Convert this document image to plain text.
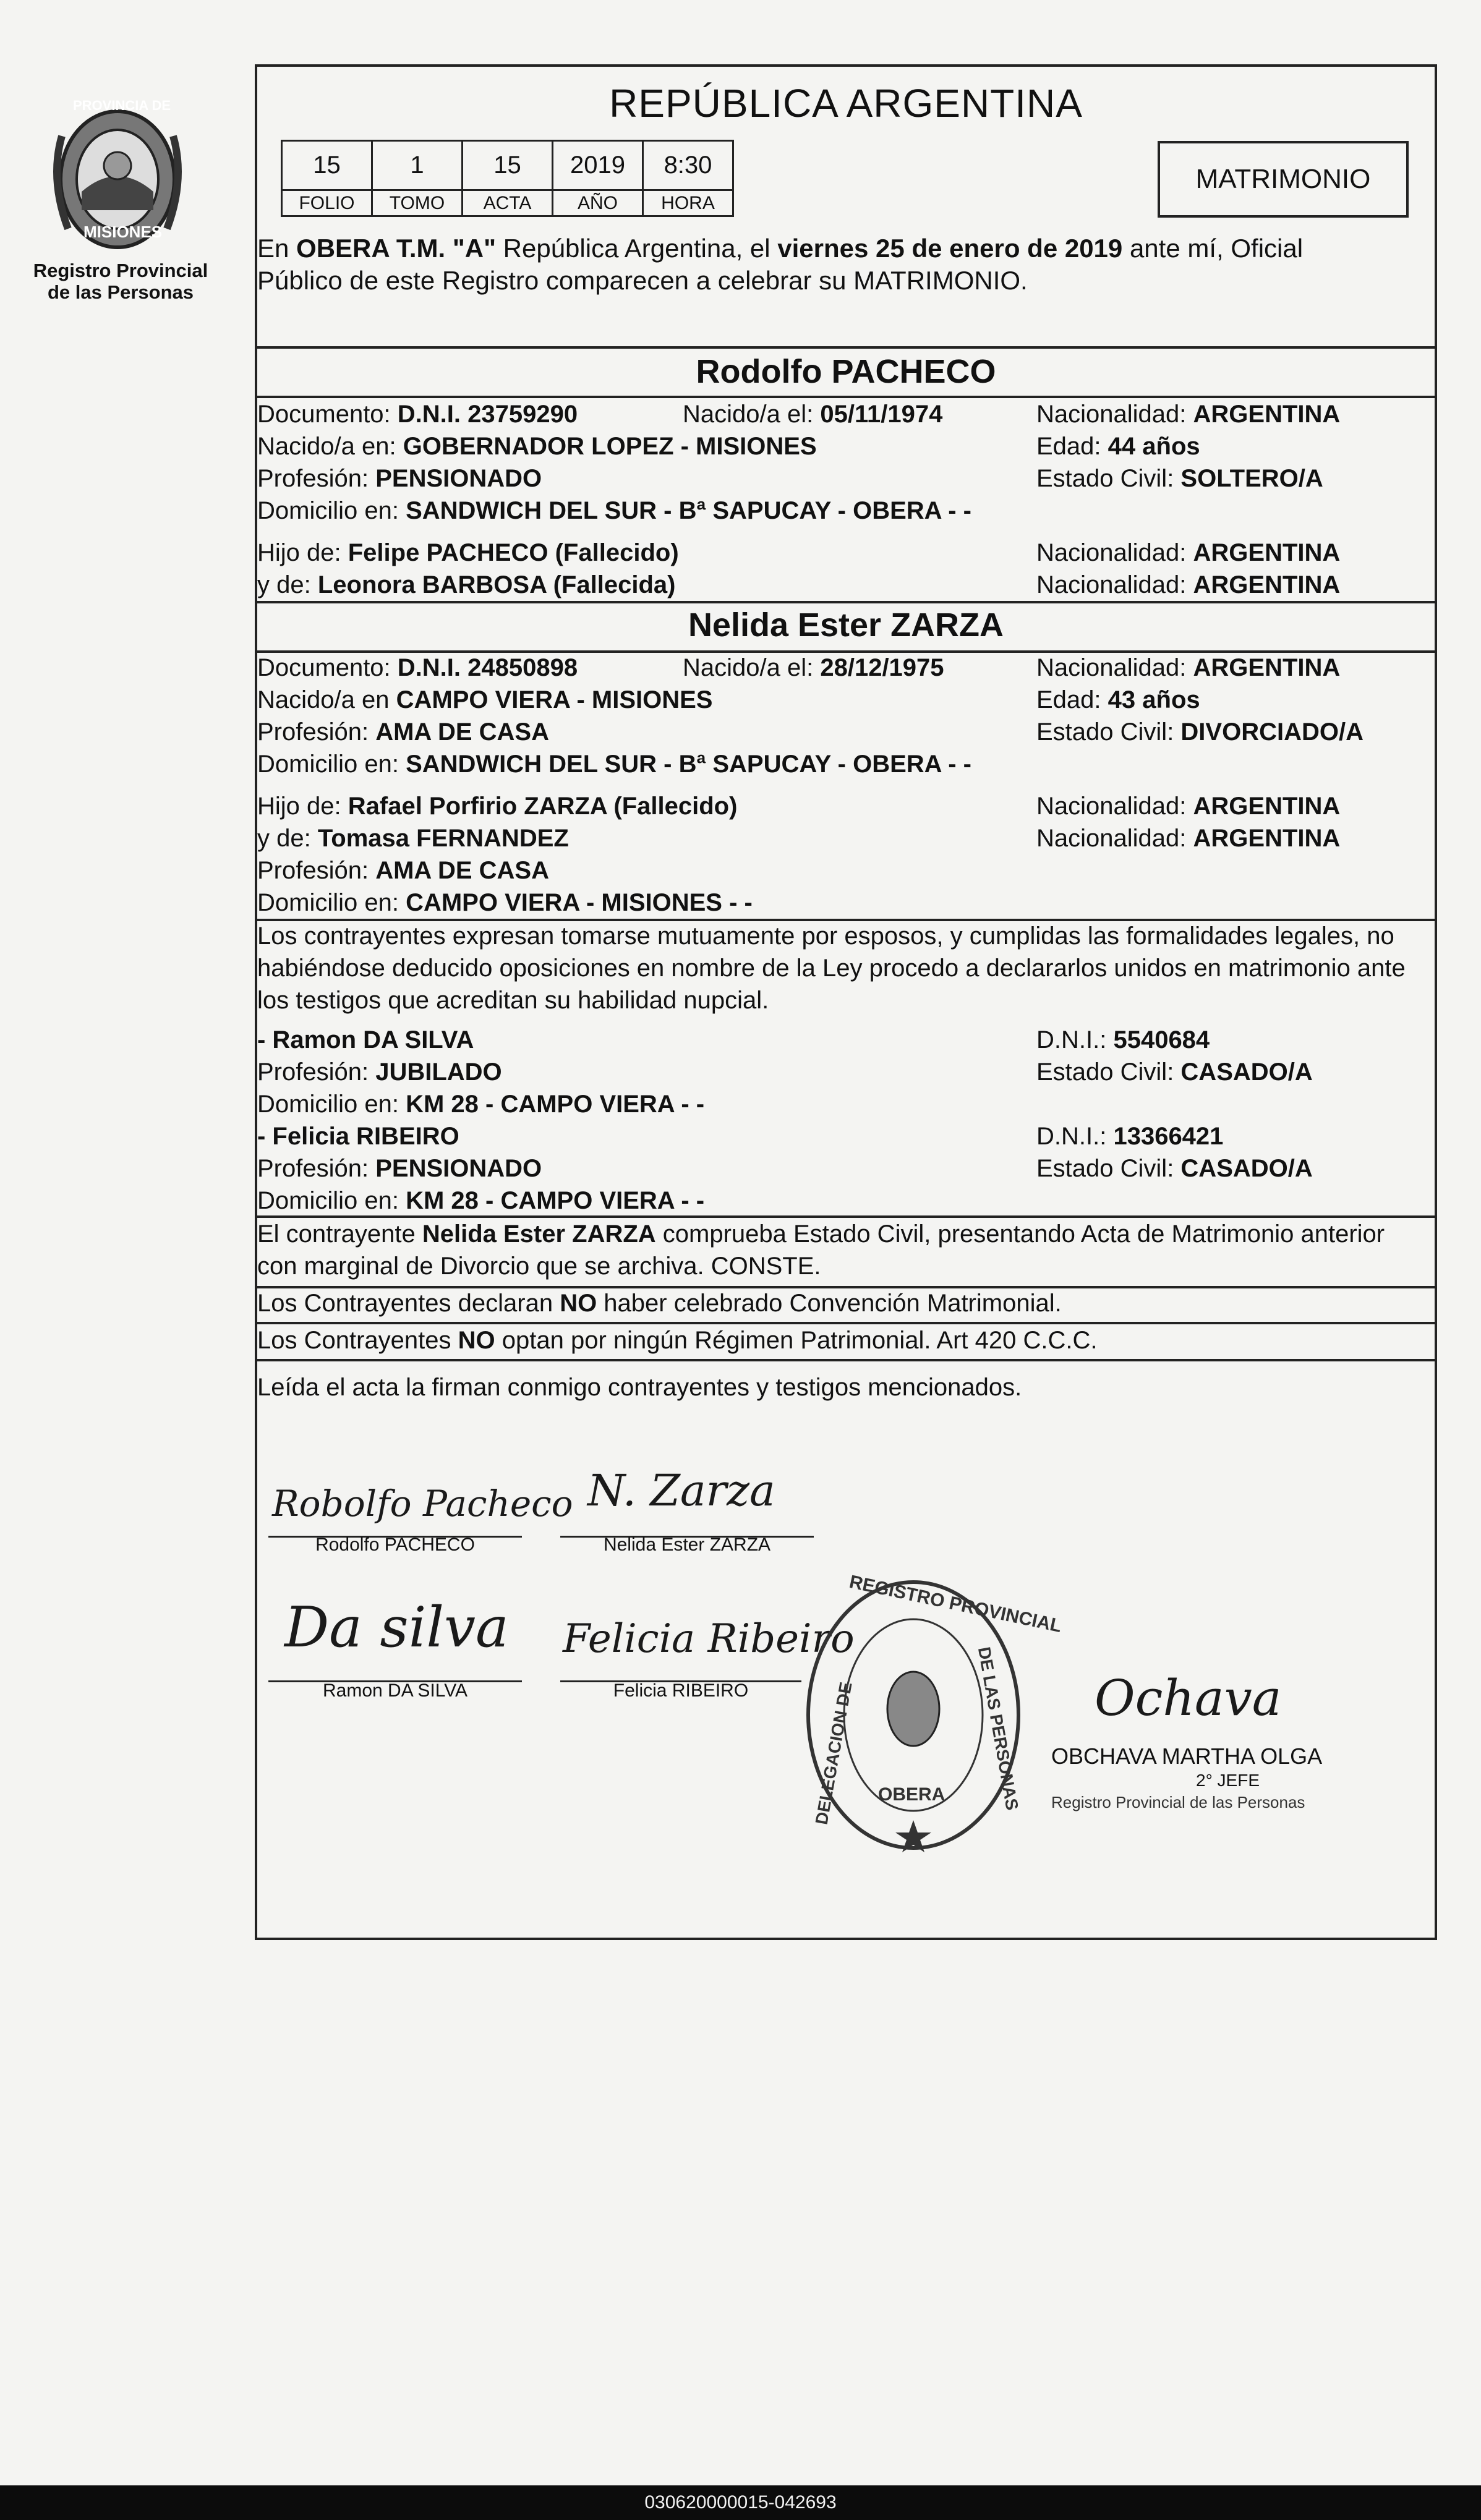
PROVINCIA DE
MISIONES
Registro Provincial
de las Personas
REPÚBLICA ARGENTINA
15	1	15	2019	8:30
FOLIO	TOMO	ACTA	AÑO	HORA
MATRIMONIO
En OBERA T.M. "A" República Argentina, el viernes 25 de enero de 2019 ante mí, Oficial
Público de este Registro comparecen a celebrar su MATRIMONIO.
Rodolfo PACHECO
Documento: D.N.I. 23759290	Nacido/a el: 05/11/1974	Nacionalidad: ARGENTINA
Nacido/a en: GOBERNADOR LOPEZ - MISIONES	Edad: 44 años
Profesión: PENSIONADO	Estado Civil: SOLTERO/A
Domicilio en: SANDWICH DEL SUR - Bª SAPUCAY - OBERA - -
Hijo de: Felipe PACHECO (Fallecido)	Nacionalidad: ARGENTINA
y de: Leonora BARBOSA (Fallecida)	Nacionalidad: ARGENTINA
Nelida Ester ZARZA
Documento: D.N.I. 24850898	Nacido/a el: 28/12/1975	Nacionalidad: ARGENTINA
Nacido/a en CAMPO VIERA - MISIONES	Edad: 43 años
Profesión: AMA DE CASA	Estado Civil: DIVORCIADO/A
Domicilio en: SANDWICH DEL SUR - Bª SAPUCAY - OBERA - -
Hijo de: Rafael Porfirio ZARZA (Fallecido)	Nacionalidad: ARGENTINA
y de: Tomasa FERNANDEZ	Nacionalidad: ARGENTINA
Profesión: AMA DE CASA
Domicilio en: CAMPO VIERA - MISIONES - -
Los contrayentes expresan tomarse mutuamente por esposos, y cumplidas las formalidades legales, no
habiéndose deducido oposiciones en nombre de la Ley procedo a declararlos unidos en matrimonio ante
los testigos que acreditan su habilidad nupcial.
- Ramon DA SILVA	D.N.I.: 5540684
Profesión: JUBILADO	Estado Civil: CASADO/A
Domicilio en: KM 28 - CAMPO VIERA - -
- Felicia RIBEIRO	D.N.I.: 13366421
Profesión: PENSIONADO	Estado Civil: CASADO/A
Domicilio en: KM 28 - CAMPO VIERA - -
El contrayente Nelida Ester ZARZA comprueba Estado Civil, presentando Acta de Matrimonio anterior
con marginal de Divorcio que se archiva. CONSTE.
Los Contrayentes declaran NO haber celebrado Convención Matrimonial.
Los Contrayentes NO optan por ningún Régimen Patrimonial. Art 420 C.C.C.
Leída el acta la firman conmigo contrayentes y testigos mencionados.
Robolfo Pacheco
Rodolfo PACHECO
N. Zarza
Nelida Ester ZARZA
Da silva
Ramon DA SILVA
Felicia Ribeiro
Felicia RIBEIRO
REGISTRO PROVINCIAL
DELEGACION DE	DE LAS PERSONAS
OBERA
Ochava
OBCHAVA MARTHA OLGA
2° JEFE
Registro Provincial de las Personas
030620000015-042693
